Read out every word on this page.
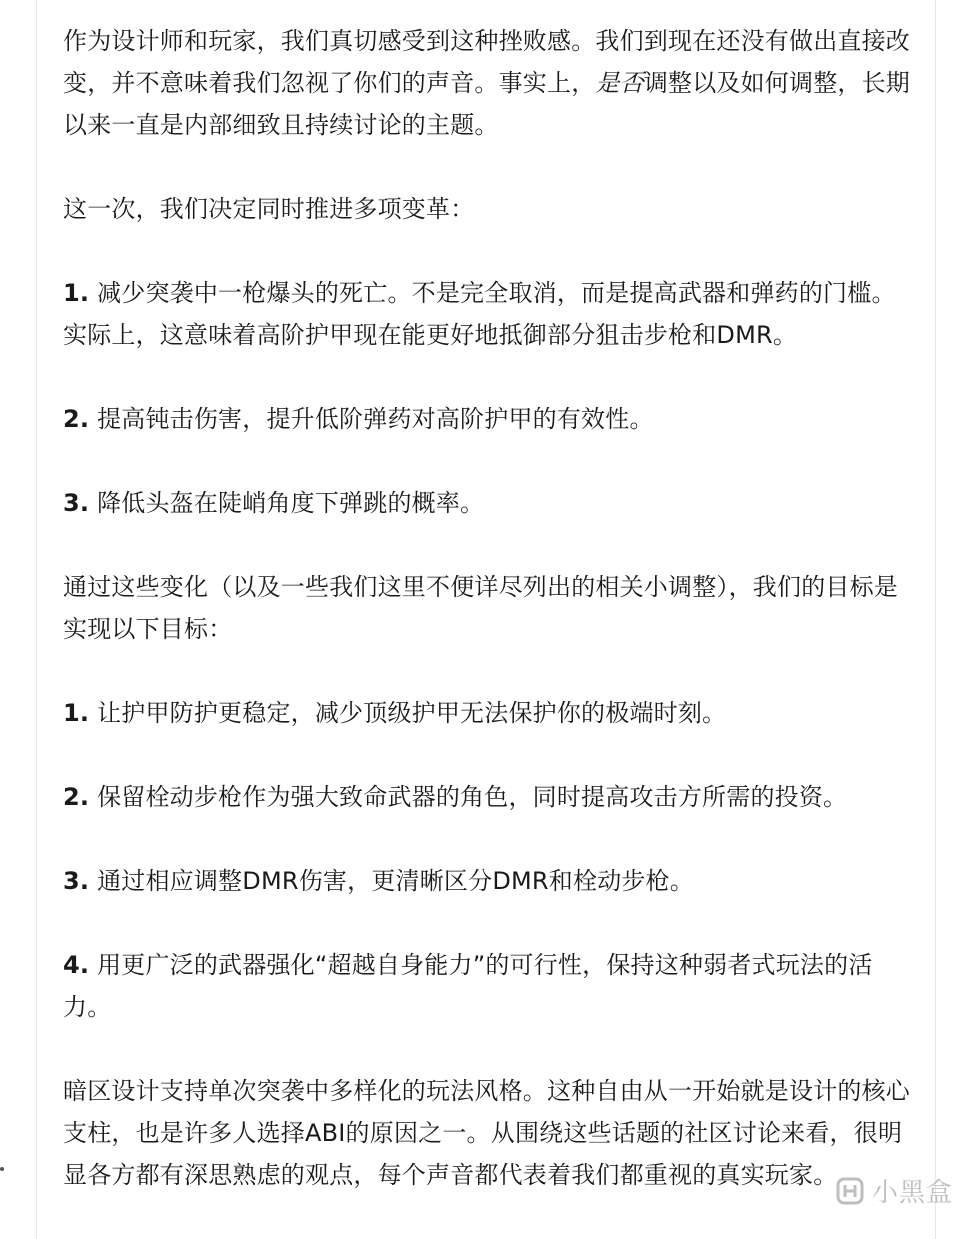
作为设计师和玩家，我们真切感受到这种挫败感。我们到现在还没有做出直接改变，并不意味着我们忽视了你们的声音。事实上，是否调整以及如何调整，长期以来一直是内部细致且持续讨论的主题。

这一次，我们决定同时推进多项变革：

1. 减少突袭中一枪爆头的死亡。不是完全取消，而是提高武器和弹药的门槛。实际上，这意味着高阶护甲现在能更好地抵御部分狙击步枪和DMR。

2. 提高钝击伤害，提升低阶弹药对高阶护甲的有效性。

3. 降低头盔在陡峭角度下弹跳的概率。

通过这些变化（以及一些我们这里不便详尽列出的相关小调整），我们的目标是实现以下目标：

1. 让护甲防护更稳定，减少顶级护甲无法保护你的极端时刻。

2. 保留栓动步枪作为强大致命武器的角色，同时提高攻击方所需的投资。

3. 通过相应调整DMR伤害，更清晰区分DMR和栓动步枪。

4. 用更广泛的武器强化“超越自身能力”的可行性，保持这种弱者式玩法的活力。

暗区设计支持单次突袭中多样化的玩法风格。这种自由从一开始就是设计的核心支柱，也是许多人选择ABI的原因之一。从围绕这些话题的社区讨论来看，很明显各方都有深思熟虑的观点，每个声音都代表着我们都重视的真实玩家。

小黑盒
